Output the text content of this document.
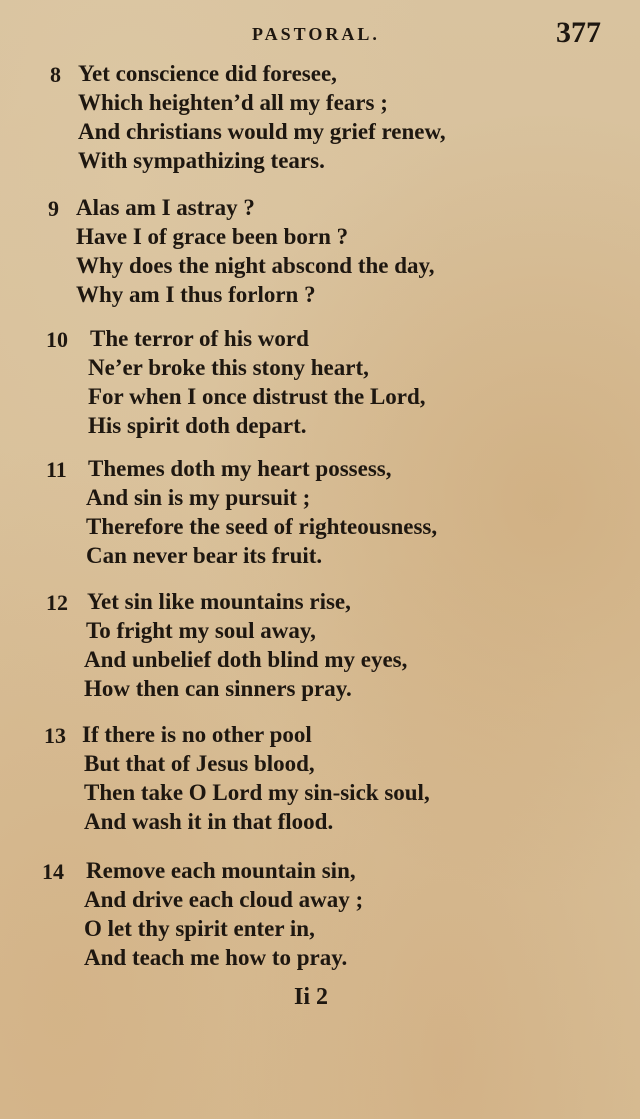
PASTORAL.	377
8 Yet conscience did foresee,
Which heighten’d all my fears ;
And christians would my grief renew,
With sympathizing tears.
9 Alas am I astray ?
Have I of grace been born ?
Why does the night abscond the day,
Why am I thus forlorn ?
10 The terror of his word
Ne’er broke this stony heart,
For when I once distrust the Lord,
His spirit doth depart.
11 Themes doth my heart possess,
And sin is my pursuit ;
Therefore the seed of righteousness,
Can never bear its fruit.
12 Yet sin like mountains rise,
To fright my soul away,
And unbelief doth blind my eyes,
How then can sinners pray.
13 If there is no other pool
But that of Jesus blood,
Then take O Lord my sin-sick soul,
And wash it in that flood.
14 Remove each mountain sin,
And drive each cloud away ;
O let thy spirit enter in,
And teach me how to pray.
Ii 2
